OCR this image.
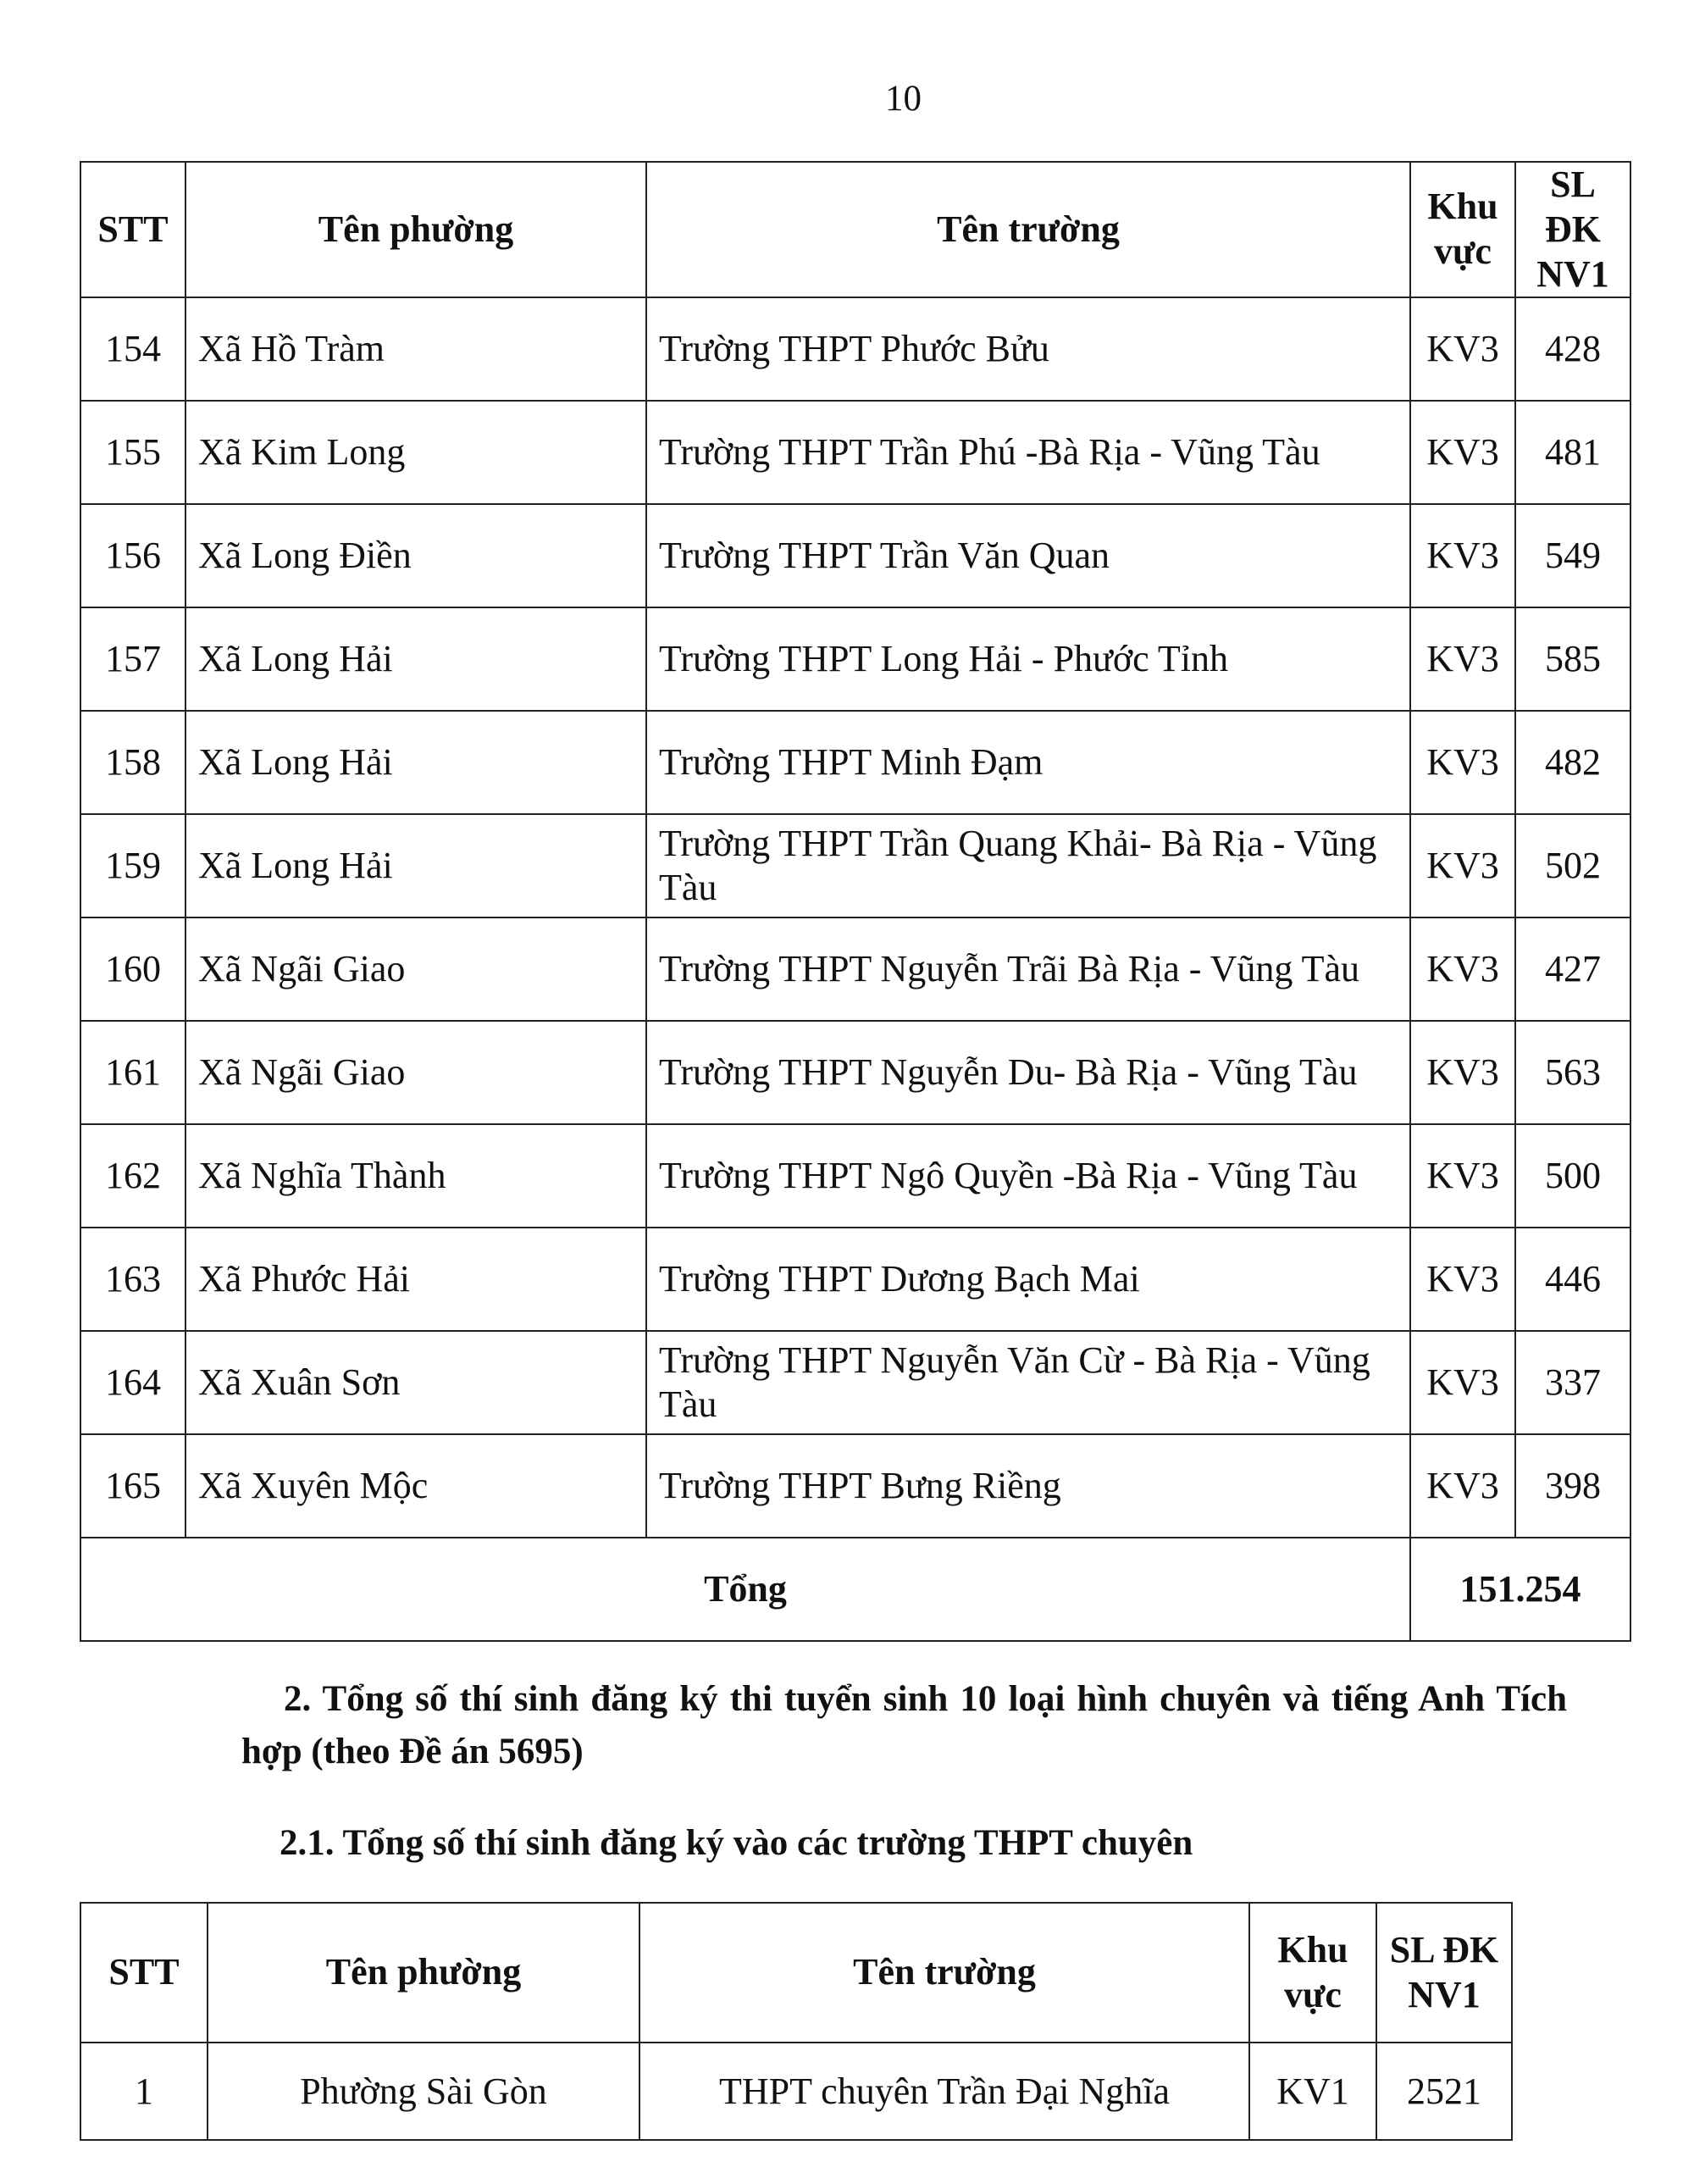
10
STT	Tên phường	Tên trường	Khu vực	SL ĐK NV1
154	Xã Hồ Tràm	Trường THPT Phước Bửu	KV3	428
155	Xã Kim Long	Trường THPT Trần Phú -Bà Rịa - Vũng Tàu	KV3	481
156	Xã Long Điền	Trường THPT Trần Văn Quan	KV3	549
157	Xã Long Hải	Trường THPT Long Hải - Phước Tỉnh	KV3	585
158	Xã Long Hải	Trường THPT Minh Đạm	KV3	482
159	Xã Long Hải	Trường THPT Trần Quang Khải- Bà Rịa - Vũng Tàu	KV3	502
160	Xã Ngãi Giao	Trường THPT Nguyễn Trãi Bà Rịa - Vũng Tàu	KV3	427
161	Xã Ngãi Giao	Trường THPT Nguyễn Du- Bà Rịa - Vũng Tàu	KV3	563
162	Xã Nghĩa Thành	Trường THPT Ngô Quyền -Bà Rịa - Vũng Tàu	KV3	500
163	Xã Phước Hải	Trường THPT Dương Bạch Mai	KV3	446
164	Xã Xuân Sơn	Trường THPT Nguyễn Văn Cừ - Bà Rịa - Vũng Tàu	KV3	337
165	Xã Xuyên Mộc	Trường THPT Bưng Riềng	KV3	398
Tổng			151.254	
2. Tổng số thí sinh đăng ký thi tuyển sinh 10 loại hình chuyên và tiếng Anh Tích hợp (theo Đề án 5695)
2.1. Tổng số thí sinh đăng ký vào các trường THPT chuyên
STT	Tên phường	Tên trường	Khu vực	SL ĐK NV1
1	Phường Sài Gòn	THPT chuyên Trần Đại Nghĩa	KV1	2521
